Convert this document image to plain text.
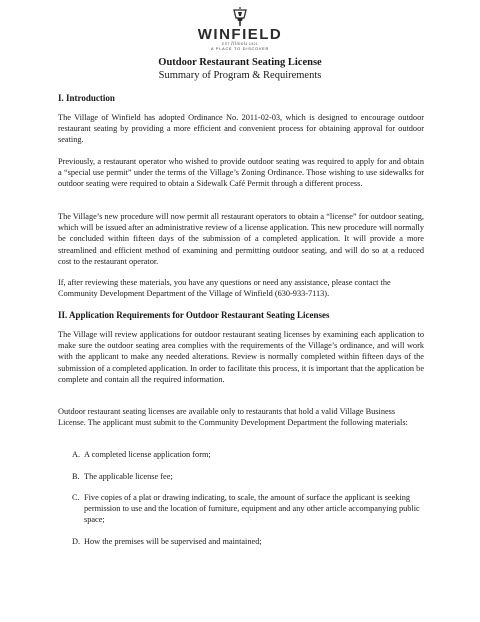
WINFIELD
EST Illinois 1921
A PLACE TO DISCOVER
Outdoor Restaurant Seating License
Summary of Program & Requirements
I. Introduction

The Village of Winfield has adopted Ordinance No. 2011-02-03, which is designed to encourage outdoor restaurant seating by providing a more efficient and convenient process for obtaining approval for outdoor seating.

Previously, a restaurant operator who wished to provide outdoor seating was required to apply for and obtain a “special use permit” under the terms of the Village’s Zoning Ordinance. Those wishing to use sidewalks for outdoor seating were required to obtain a Sidewalk Café Permit through a different process.

The Village’s new procedure will now permit all restaurant operators to obtain a “license” for outdoor seating, which will be issued after an administrative review of a license application. This new procedure will normally be concluded within fifteen days of the submission of a completed application. It will provide a more streamlined and efficient method of examining and permitting outdoor seating, and will do so at a reduced cost to the restaurant operator.

If, after reviewing these materials, you have any questions or need any assistance, please contact the Community Development Department of the Village of Winfield (630-933-7113).

II. Application Requirements for Outdoor Restaurant Seating Licenses

The Village will review applications for outdoor restaurant seating licenses by examining each application to make sure the outdoor seating area complies with the requirements of the Village’s ordinance, and will work with the applicant to make any needed alterations. Review is normally completed within fifteen days of the submission of a completed application. In order to facilitate this process, it is important that the application be complete and contain all the required information.

Outdoor restaurant seating licenses are available only to restaurants that hold a valid Village Business License. The applicant must submit to the Community Development Department the following materials:

A. A completed license application form;
B. The applicable license fee;
C. Five copies of a plat or drawing indicating, to scale, the amount of surface the applicant is seeking permission to use and the location of furniture, equipment and any other article accompanying public space;
D. How the premises will be supervised and maintained;
